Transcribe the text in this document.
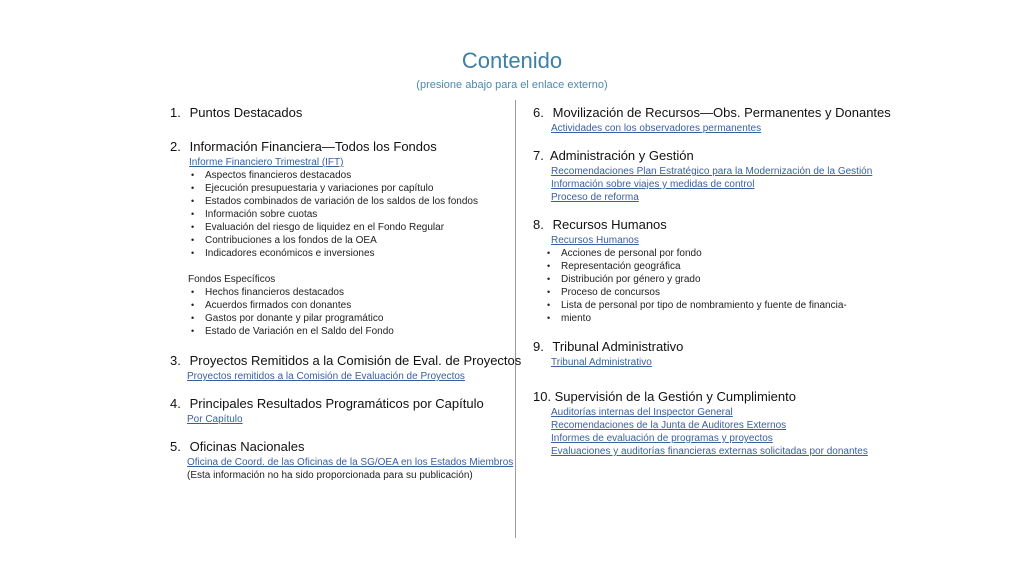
Contenido
(presione abajo para el enlace externo)
1. Puntos Destacados
2. Información Financiera—Todos los Fondos
Informe Financiero Trimestral (IFT)
• Aspectos financieros destacados
• Ejecución presupuestaria y variaciones por capítulo
• Estados combinados de variación de los saldos de los fondos
• Información sobre cuotas
• Evaluación del riesgo de liquidez en el Fondo Regular
• Contribuciones a los fondos de la OEA
• Indicadores económicos e inversiones
Fondos Específicos
• Hechos financieros destacados
• Acuerdos firmados con donantes
• Gastos por donante y pilar programático
• Estado de Variación en el Saldo del Fondo
3. Proyectos Remitidos a la Comisión de Eval. de Proyectos
Proyectos remitidos a la Comisión de Evaluación de Proyectos
4. Principales Resultados Programáticos por Capítulo
Por Capítulo
5. Oficinas Nacionales
Oficina de Coord. de las Oficinas de la SG/OEA en los Estados Miembros
(Esta información no ha sido proporcionada para su publicación)
6. Movilización de Recursos—Obs. Permanentes y Donantes
Actividades con los observadores permanentes
7. Administración y Gestión
Recomendaciones Plan Estratégico para la Modernización de la Gestión
Información sobre viajes y medidas de control
Proceso de reforma
8. Recursos Humanos
Recursos Humanos
• Acciones de personal por fondo
• Representación geográfica
• Distribución por género y grado
• Proceso de concursos
• Lista de personal por tipo de nombramiento y fuente de financia-
• miento
9. Tribunal Administrativo
Tribunal Administrativo
10. Supervisión de la Gestión y Cumplimiento
Auditorías internas del Inspector General
Recomendaciones de la Junta de Auditores Externos
Informes de evaluación de programas y proyectos
Evaluaciones y auditorías financieras externas solicitadas por donantes
